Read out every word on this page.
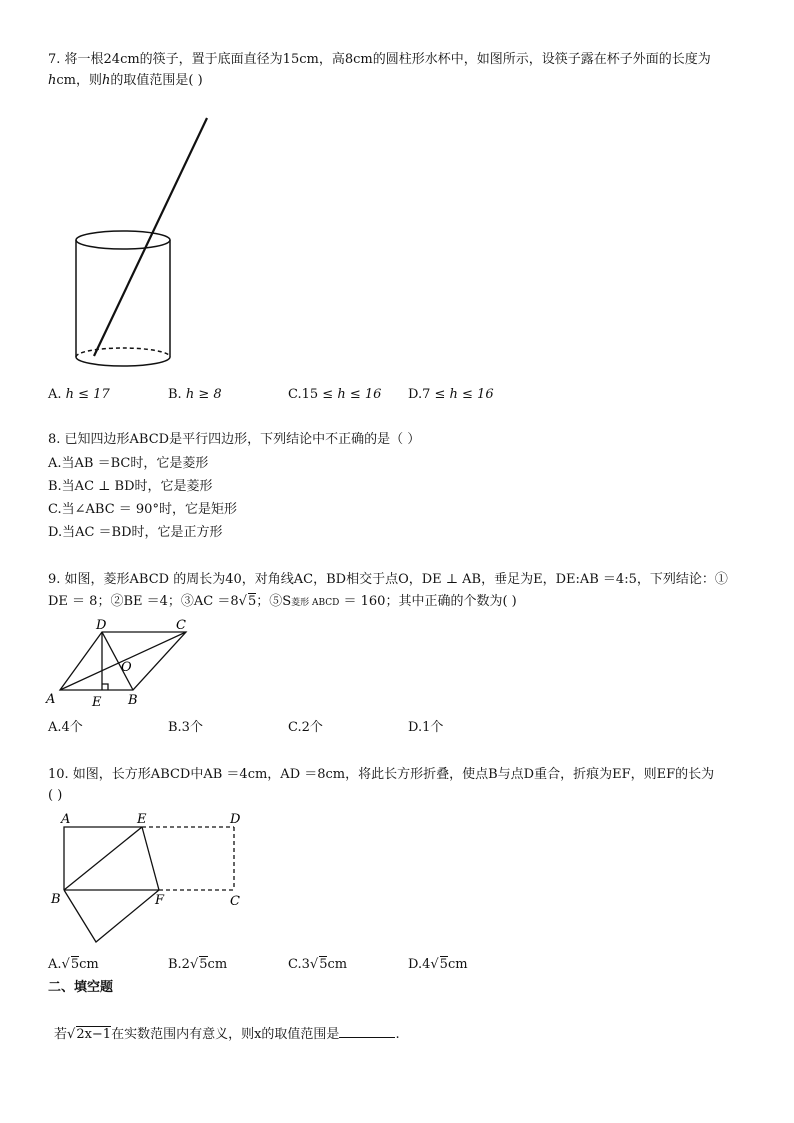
7. 将一根24cm的筷子，置于底面直径为15cm，高8cm的圆柱形水杯中，如图所示，设筷子露在杯子外面的长度为
hcm，则h的取值范围是( )
A. h ≤ 17	B. h ≥ 8	C.15 ≤ h ≤ 16 D.7 ≤ h ≤ 16
8. 已知四边形ABCD是平行四边形，下列结论中不正确的是（ ）
A.当AB ＝BC时，它是菱形
B.当AC ⊥ BD时，它是菱形
C.当∠ABC ＝ 90°时，它是矩形
D.当AC ＝BD时，它是正方形
9. 如图，菱形ABCD 的周长为40，对角线AC，BD相交于点O，DE ⊥ AB，垂足为E，DE:AB ＝4:5，下列结论：①
DE ＝ 8；②BE ＝4；③AC ＝8√5；⑤S菱形 ABCD ＝ 160；其中正确的个数为( )
A	B
C
D
E
O
A.4个	B.3个	C.2个	D.1个
10. 如图，长方形ABCD中AB ＝4cm，AD ＝8cm，将此长方形折叠，使点B与点D重合，折痕为EF，则EF的长为
( )
A
B	C
D
E
F
A.√5cm	B.2√5cm	C.3√5cm	D.4√5cm
二、填空题
若√2x−1在实数范围内有意义，则x的取值范围是	.
